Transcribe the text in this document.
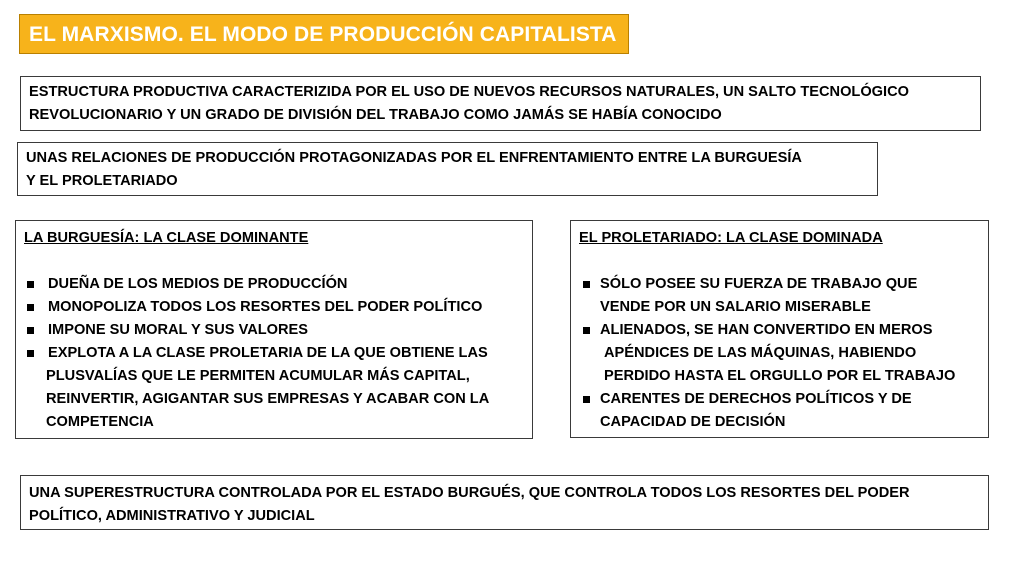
EL MARXISMO. EL MODO DE PRODUCCIÓN CAPITALISTA

ESTRUCTURA PRODUCTIVA CARACTERIZIDA POR EL USO DE NUEVOS RECURSOS NATURALES, UN SALTO TECNOLÓGICO

REVOLUCIONARIO Y UN GRADO DE DIVISIÓN DEL TRABAJO COMO JAMÁS SE HABÍA CONOCIDO

UNAS RELACIONES DE PRODUCCIÓN PROTAGONIZADAS POR EL ENFRENTAMIENTO ENTRE LA BURGUESÍA

Y EL PROLETARIADO

LA BURGUESÍA: LA CLASE DOMINANTE

DUEÑA DE LOS MEDIOS DE PRODUCCÍÓN
MONOPOLIZA TODOS LOS RESORTES DEL PODER POLÍTICO
IMPONE SU MORAL Y SUS VALORES
EXPLOTA A LA CLASE PROLETARIA DE LA QUE OBTIENE LAS
PLUSVALÍAS QUE LE PERMITEN ACUMULAR MÁS CAPITAL,
REINVERTIR, AGIGANTAR SUS EMPRESAS Y ACABAR CON LA
COMPETENCIA

EL PROLETARIADO: LA CLASE DOMINADA

SÓLO POSEE SU FUERZA DE TRABAJO QUE
VENDE POR UN SALARIO MISERABLE
ALIENADOS, SE HAN CONVERTIDO EN MEROS
APÉNDICES DE LAS MÁQUINAS, HABIENDO
PERDIDO HASTA EL ORGULLO POR EL TRABAJO
CARENTES DE DERECHOS POLÍTICOS Y DE
CAPACIDAD DE DECISIÓN

UNA SUPERESTRUCTURA CONTROLADA POR EL ESTADO BURGUÉS, QUE CONTROLA TODOS LOS RESORTES DEL PODER

POLÍTICO, ADMINISTRATIVO Y JUDICIAL
